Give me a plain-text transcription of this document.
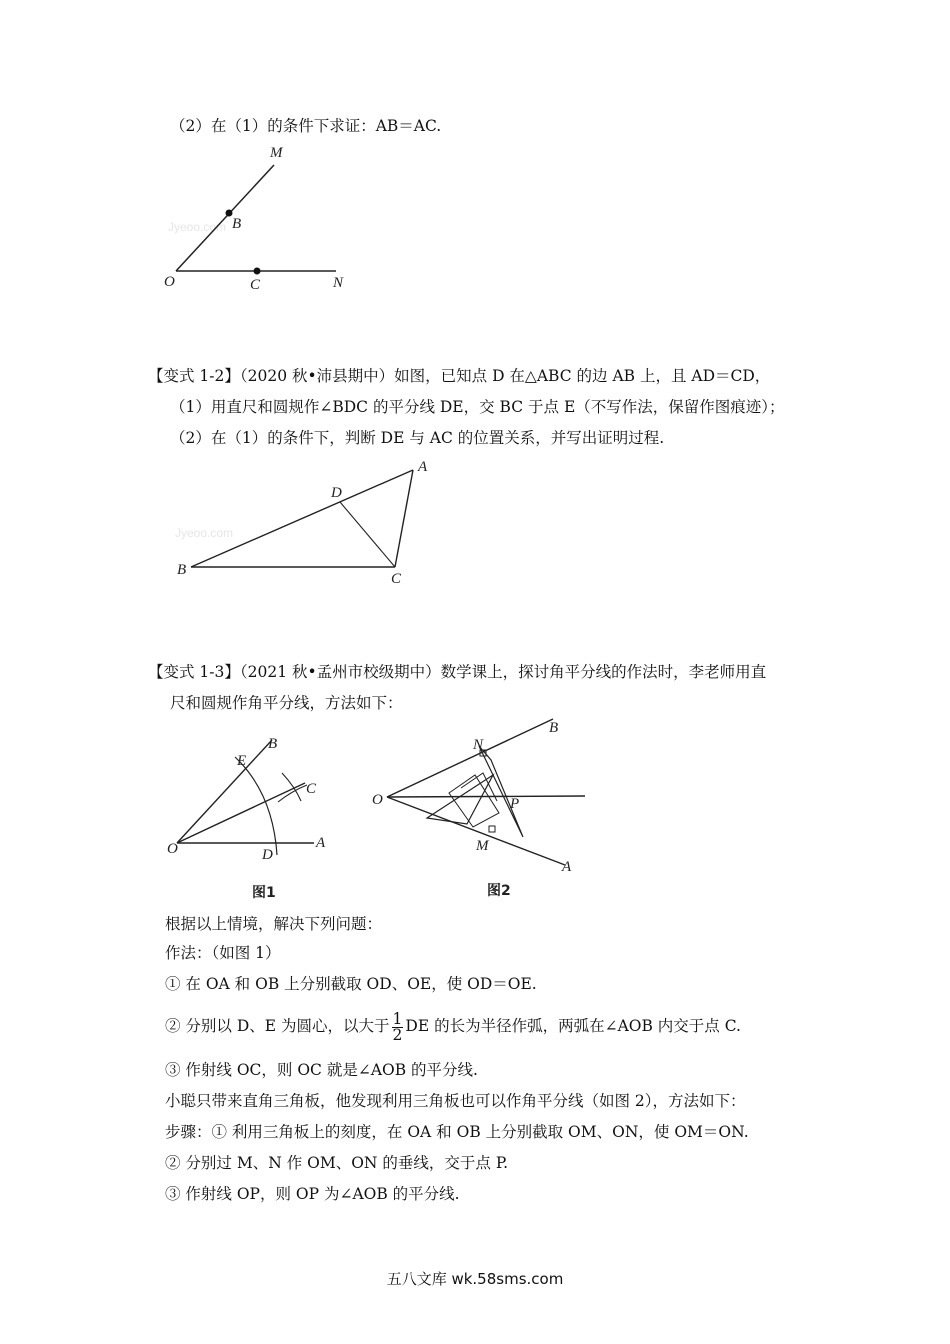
（2）在（1）的条件下求证：AB＝AC.
Jyeoo.com
M
B
O	C	N
【变式 1-2】（2020 秋•沛县期中）如图，已知点 D 在△ABC 的边 AB 上，且 AD＝CD，
（1）用直尺和圆规作∠BDC 的平分线 DE，交 BC 于点 E（不写作法，保留作图痕迹）；
（2）在（1）的条件下，判断 DE 与 AC 的位置关系，并写出证明过程.
Jyeoo.com
A
B
C
D
【变式 1-3】（2021 秋•孟州市校级期中）数学课上，探讨角平分线的作法时，李老师用直
尺和圆规作角平分线，方法如下：
O
E
B
C
D
A
图1
O
N
B
P
M
A
图2
根据以上情境，解决下列问题：
作法：（如图 1）
① 在 OA 和 OB 上分别截取 OD、OE，使 OD＝OE.
② 分别以 D、E 为圆心，以大于 $\frac{1}{2}$ DE 的长为半径作弧，两弧在∠AOB 内交于点 C.
③ 作射线 OC，则 OC 就是∠AOB 的平分线.
小聪只带来直角三角板，他发现利用三角板也可以作角平分线（如图 2），方法如下：
步骤：① 利用三角板上的刻度，在 OA 和 OB 上分别截取 OM、ON，使 OM＝ON.
② 分别过 M、N 作 OM、ON 的垂线，交于点 P.
③ 作射线 OP，则 OP 为∠AOB 的平分线.
五八文库 wk.58sms.com
